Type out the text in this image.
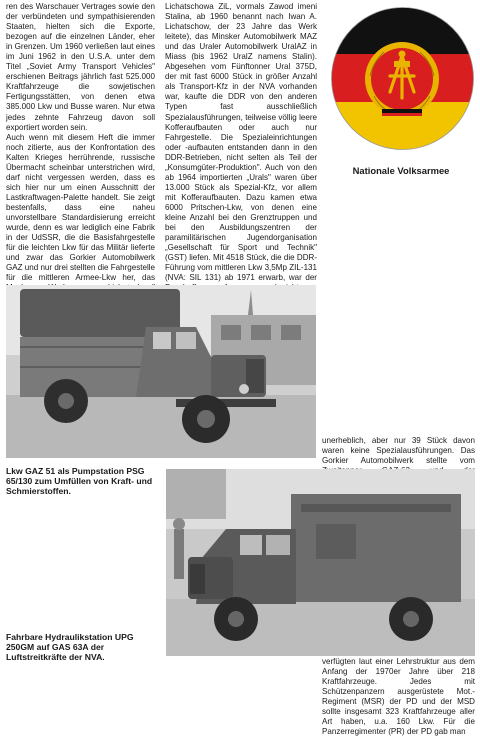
ren des Warschauer Vertrages sowie den der verbündeten und sympathisierenden Staaten, hielten sich die Exporte, bezogen auf die einzelnen Länder, eher in Grenzen. Um 1960 verließen laut eines im Juni 1962 in den U.S.A. unter dem Titel „Soviet Army Transport Vehicles" erschienen Beitrags jährlich fast 525.000 Kraftfahrzeuge die sowjetischen Fertigungsstätten, von denen etwa 385.000 Lkw und Busse waren. Nur etwa jedes zehnte Fahrzeug davon soll exportiert worden sein.

Auch wenn mit diesem Heft die immer noch zitierte, aus der Konfrontation des Kalten Krieges herrührende, russische Übermacht scheinbar unterstrichen wird, darf nicht vergessen werden, dass es sich hier nur um einen Ausschnitt der Lastkraftwagen-Palette handelt. Sie zeigt bestenfalls, dass eine naheu unvorstellbare Standardisierung erreicht wurde, denn es war lediglich eine Fabrik in der UdSSR, die die Basisfahrgestelle für die leichten Lkw für das Militär lieferte und zwar das Gorkier Automobilwerk GAZ und nur drei stellten die Fahrgestelle für die mittleren Armee-Lkw her, das

Lichatschowa ZiL, vormals Zawod imeni Stalina, ab 1960 benannt nach Iwan A. Lichatschow, der 23 Jahre das Werk leitete), das Minsker Automobilwerk MAZ und das Uraler Automobilwerk UralAZ in Miass (bis 1962 UralZ namens Stalin). Abgesehen vom Fünftonner Ural 375D, der mit fast 6000 Stück in größer Anzahl als Transport-Kfz in der NVA vorhanden war, kaufte die DDR von den anderen Typen fast ausschließlich Spezialausführungen, teilweise völlig leere Kofferaufbauten oder auch nur Fahrgestelle. Die Spezialeinrichtungen oder -aufbauten entstanden dann in den DDR-Betrieben, nicht selten als Teil der „Konsumgüter-Produktion". Auch von den ab 1964 importierten „Urals" waren über 13.000 Stück als Spezial-Kfz, vor allem mit Kofferaufbauten. Dazu kamen etwa 6000 Pritschen-Lkw, von denen eine kleine Anzahl bei den Grenztruppen und bei den Ausbildungszentren der paramilitärischen Jugendorganisation „Gesellschaft für Sport und Technik" (GST) liefen. Mit 4518 Stück, die die DDR-Führung vom mittleren Lkw 3,5Mp ZIL-131 (NVA: SIL 131) ab 1971 erwarb, war der

Nationale Volksarmee
Lkw GAZ 51 als Pumpstation PSG 65/130 zum Umfüllen von Kraft- und Schmierstoffen.

unerheblich, aber nur 39 Stück davon waren keine Spezialausführungen. Das Gorkier Automobilwerk stellte vom

verfügten laut einer Lehrstruktur aus dem Anfang der 1970er Jahre über 218 Kraftfahrzeuge. Jedes mit Schützenpanzern ausgerüstete Mot.-Regiment (MSR) der PD und der MSD sollte insgesamt 323 Kraftfahrzeuge aller Art haben, u.a. 160 Lkw. Für die Panzerregimenter (PR) der PD gab man

Fahrbare Hydraulikstation UPG 250GM auf GAS 63A der Luftstreitkräfte der NVA.
